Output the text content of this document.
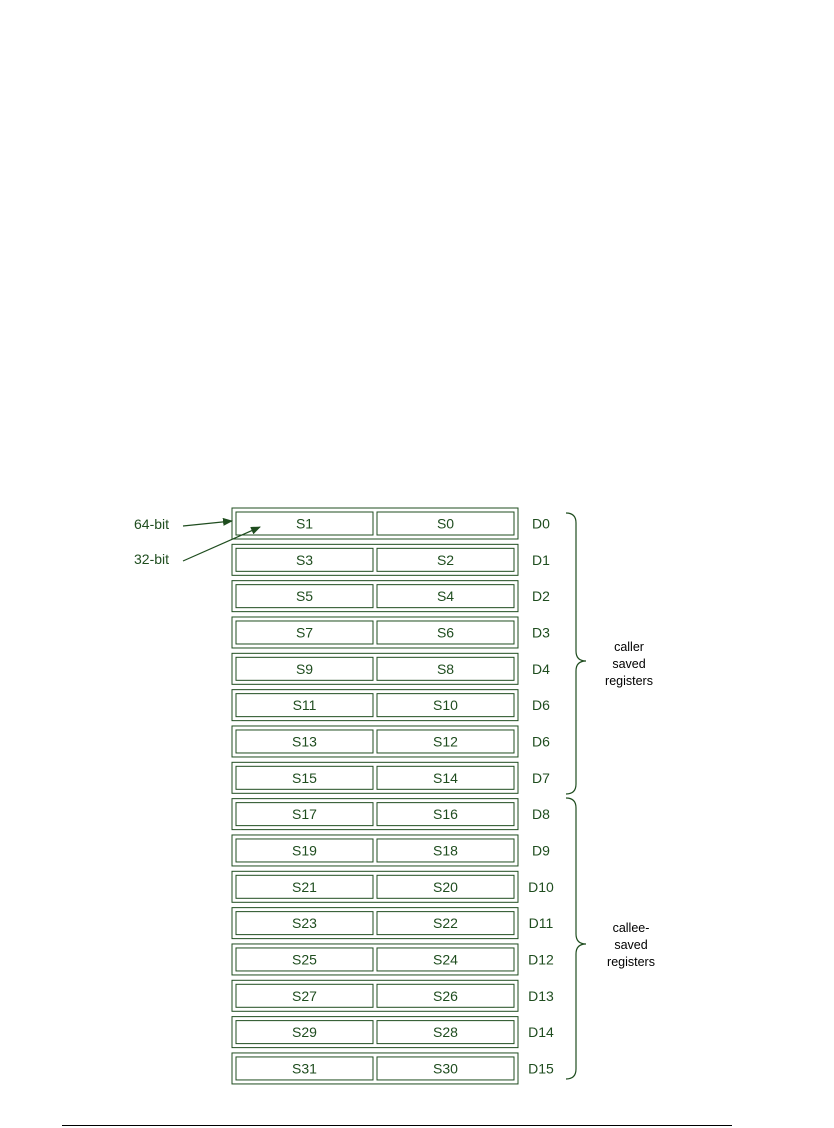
S1	S0	D0
S3	S2	D1
S5	S4	D2
S7	S6	D3
S9	S8	D4
S11	S10	D6
S13	S12	D6
S15	S14	D7
S17	S16	D8
S19	S18	D9
S21	S20	D10
S23	S22	D11
S25	S24	D12
S27	S26	D13
S29	S28	D14
S31	S30	D15
64-bit
32-bit
caller
saved
registers
callee-
saved
registers
